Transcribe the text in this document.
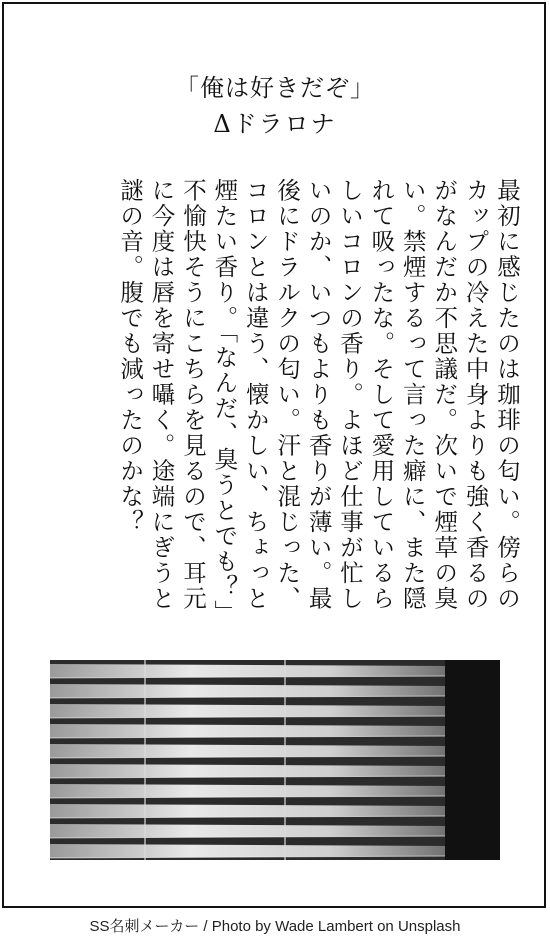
「俺は好きだぞ」
Δドラロナ
最初に感じたのは珈琲の匂い。傍らの
カップの冷えた中身よりも強く香るの
がなんだか不思議だ。次いで煙草の臭
い。禁煙するって言った癖に、また隠
れて吸ったな。そして愛用しているら
しいコロンの香り。よほど仕事が忙し
いのか、いつもよりも香りが薄い。最
後にドラルクの匂い。汗と混じった、
コロンとは違う、懐かしい、ちょっと
煙たい香り。「なんだ、臭うとでも？」
不愉快そうにこちらを見るので、耳元
に今度は唇を寄せ囁く。途端にぎうと
謎の音。腹でも減ったのかな？
SS名刺メーカー / Photo by Wade Lambert on Unsplash
